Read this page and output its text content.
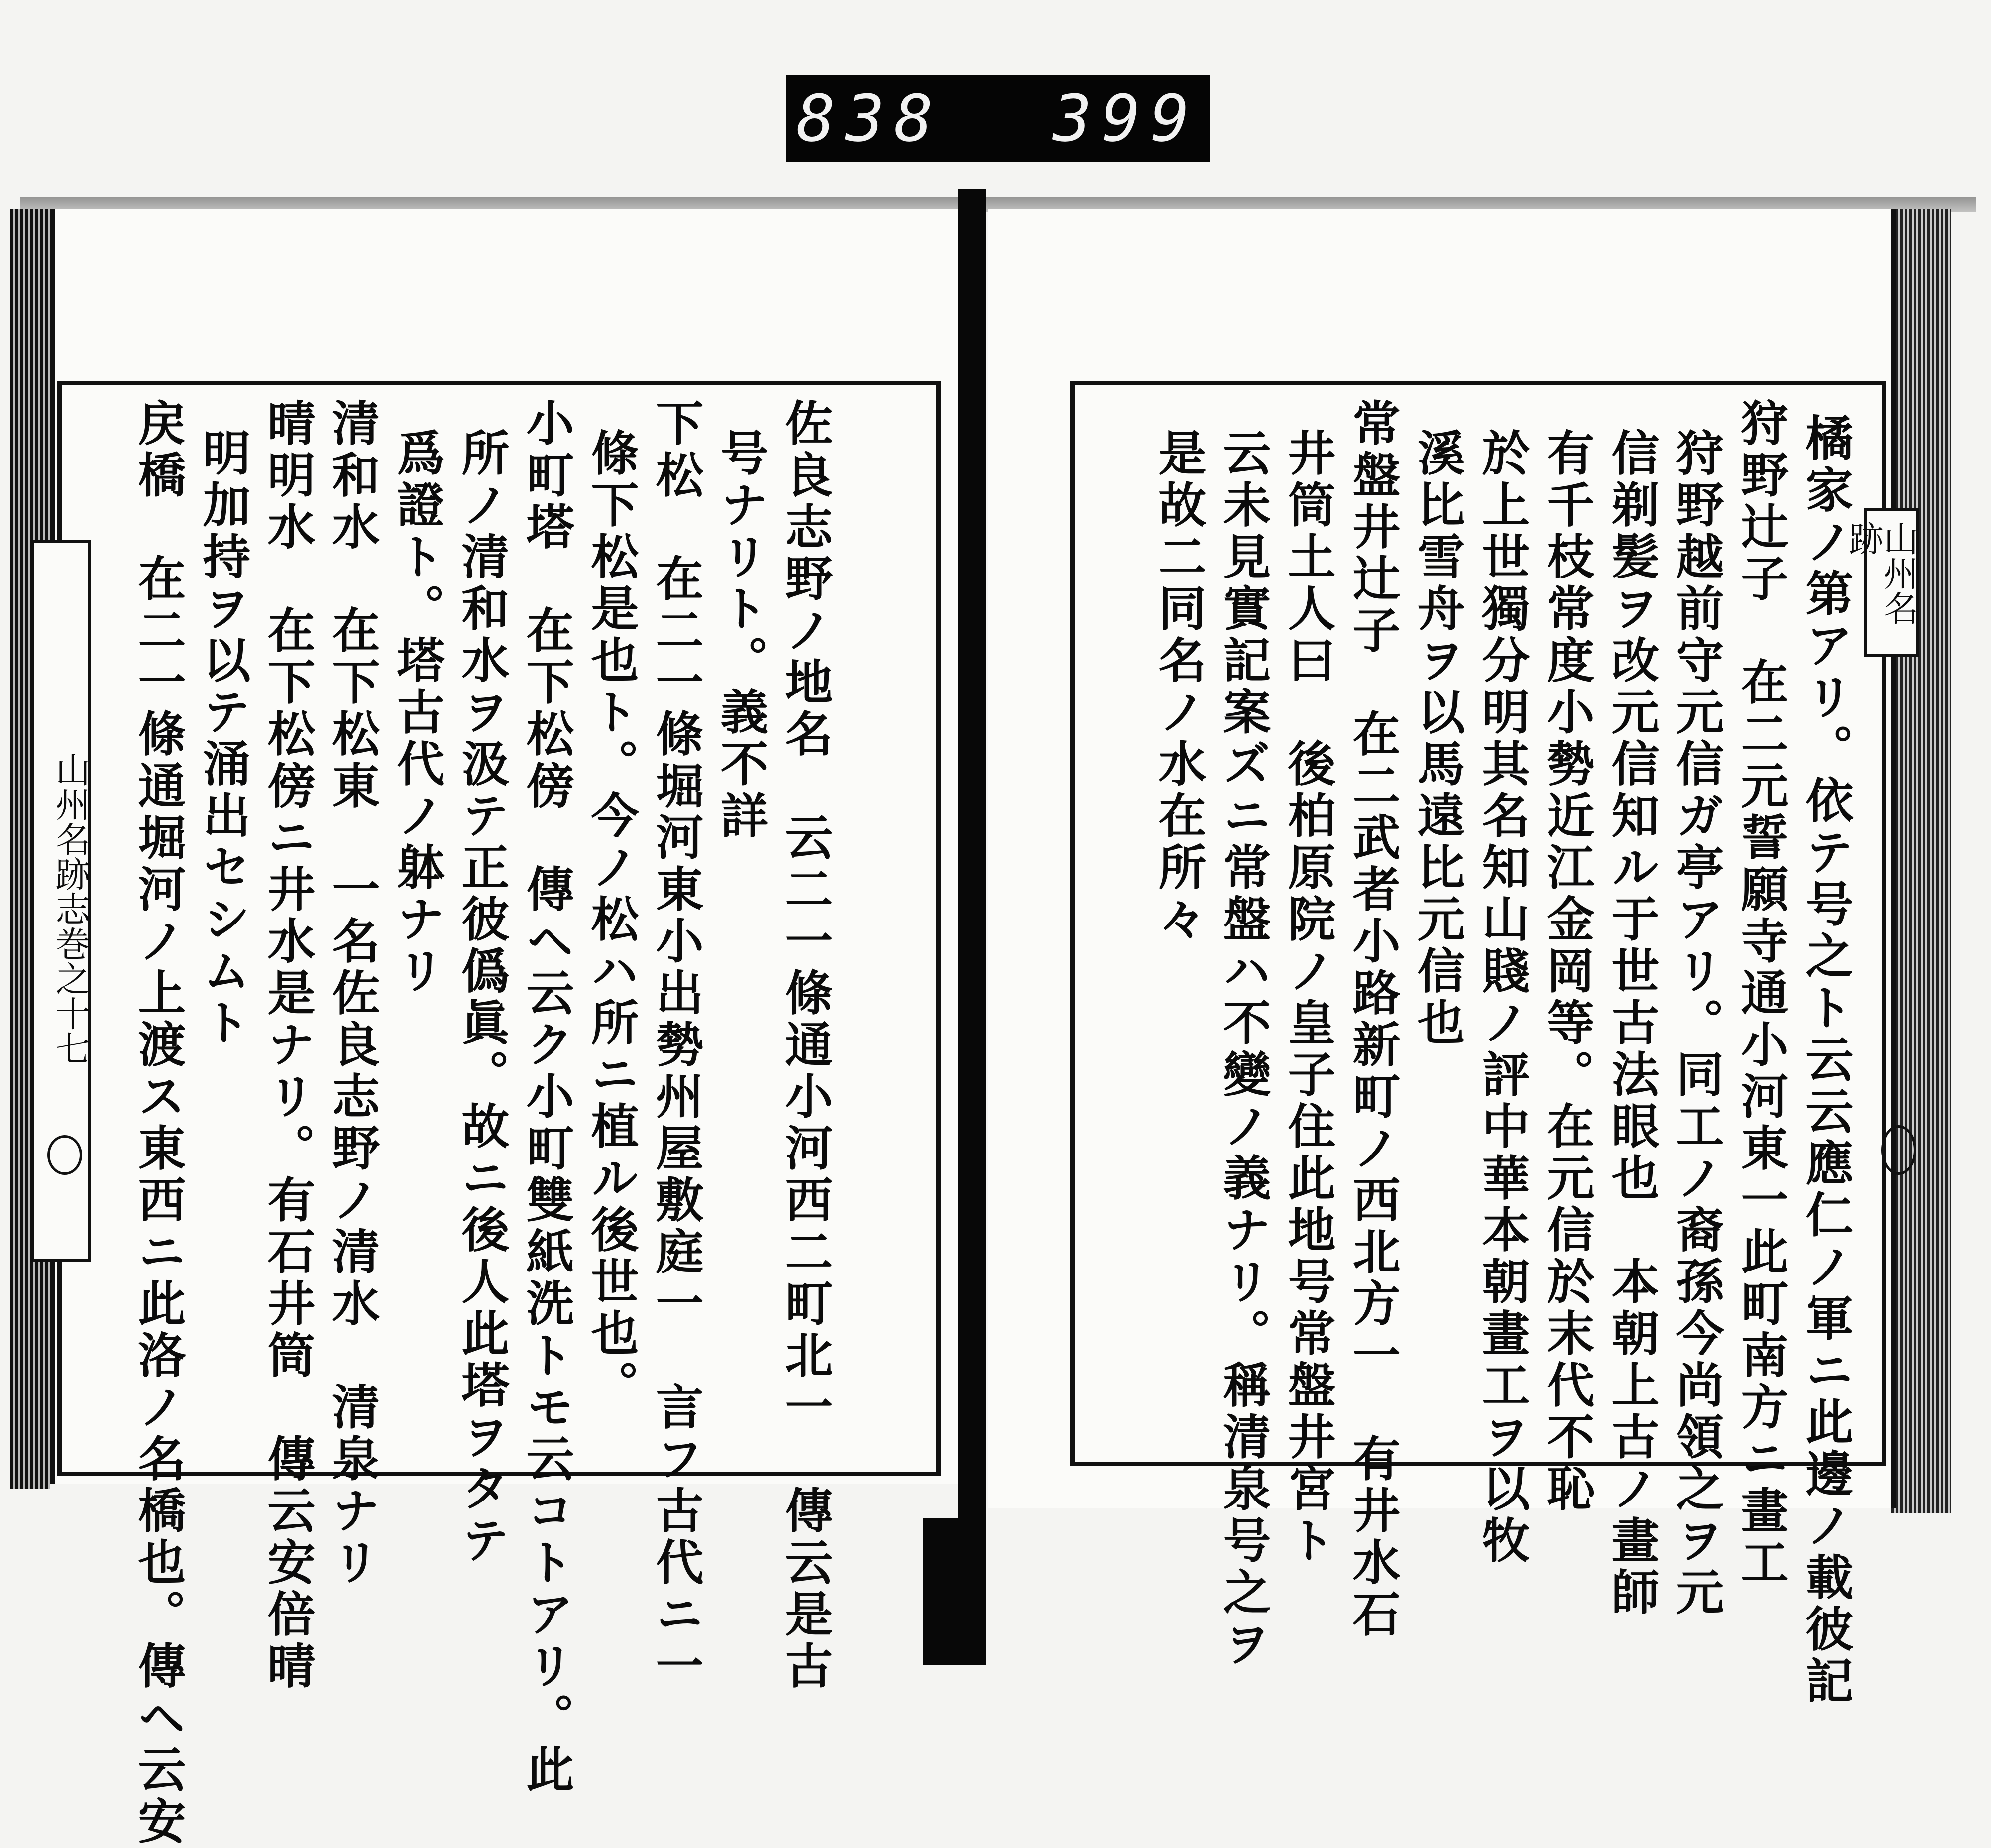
838 399
山州名跡志巻之十七
山州名跡
橘家ノ第アリ。依テ号之ト云云應仁ノ軍ニ此邊ノ載彼記
狩野辻子　在二元誓願寺通小河東一此町南方ニ畫工
狩野越前守元信ガ亭アリ。同工ノ裔孫今尚領之ヲ元
信剃髪ヲ改元信知ル于世古法眼也　本朝上古ノ畫師
有千枝常度小勢近江金岡等。在元信於末代不恥
於上世獨分明其名知山賤ノ評中華本朝畫工ヲ以牧
溪比雪舟ヲ以馬遠比元信也
常盤井辻子　在二武者小路新町ノ西北方一　有井水石
井筒土人曰　後柏原院ノ皇子住此地号常盤井宮ト
云未見實記案ズニ常盤ハ不變ノ義ナリ。稱清泉号之ヲ
是故二同名ノ水在所々
佐良志野ノ地名　云二一條通小河西二町北一　傳云是古
号ナリト。義不詳
下松　在二一條堀河東小出勢州屋敷庭一　言フ古代ニ一
條下松是也ト。今ノ松ハ所ニ植ル後世也。
小町塔　在下松傍　傳ヘ云ク小町雙紙洗トモ云コトアリ。此
所ノ清和水ヲ汲テ正彼僞眞。故ニ後人此塔ヲタテ
爲證ト。塔古代ノ躰ナリ
清和水　在下松東　一名佐良志野ノ清水　清泉ナリ
晴明水　在下松傍ニ井水是ナリ。有石井筒　傳云安倍晴
明加持ヲ以テ涌出セシムト
戻橋　在二一條通堀河ノ上渡ス東西ニ此洛ノ名橋也。傳ヘ云安
